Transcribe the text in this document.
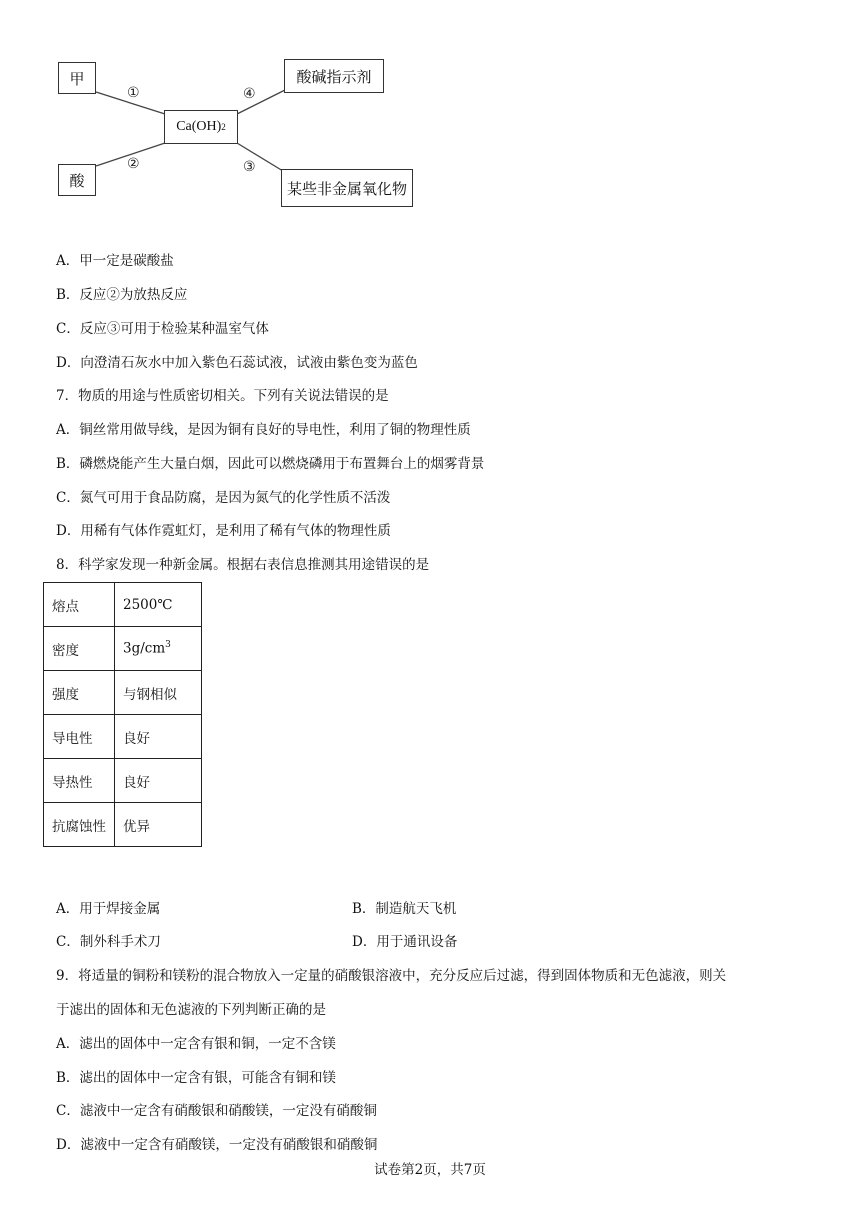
甲
酸
Ca(OH) 2
酸碱指示剂
某些非金属氧化物
①
②	③
④
A．甲一定是碳酸盐
B．反应②为放热反应
C．反应③可用于检验某种温室气体
D．向澄清石灰水中加入紫色石蕊试液，试液由紫色变为蓝色
7．物质的用途与性质密切相关。下列有关说法错误的是
A．铜丝常用做导线，是因为铜有良好的导电性，利用了铜的物理性质
B．磷燃烧能产生大量白烟，因此可以燃烧磷用于布置舞台上的烟雾背景
C．氮气可用于食品防腐，是因为氮气的化学性质不活泼
D．用稀有气体作霓虹灯，是利用了稀有气体的物理性质
8．科学家发现一种新金属。根据右表信息推测其用途错误的是
熔点	2500℃
密度	$3g/cm^3$
强度	与钢相似
导电性	良好
导热性	良好
抗腐蚀性	优异
A．用于焊接金属	B．制造航天飞机
C．制外科手术刀	D．用于通讯设备
9．将适量的铜粉和镁粉的混合物放入一定量的硝酸银溶液中，充分反应后过滤，得到固体物质和无色滤液，则关
于滤出的固体和无色滤液的下列判断正确的是
A．滤出的固体中一定含有银和铜，一定不含镁
B．滤出的固体中一定含有银，可能含有铜和镁
C．滤液中一定含有硝酸银和硝酸镁，一定没有硝酸铜
D．滤液中一定含有硝酸镁，一定没有硝酸银和硝酸铜
试卷第2页，共7页
